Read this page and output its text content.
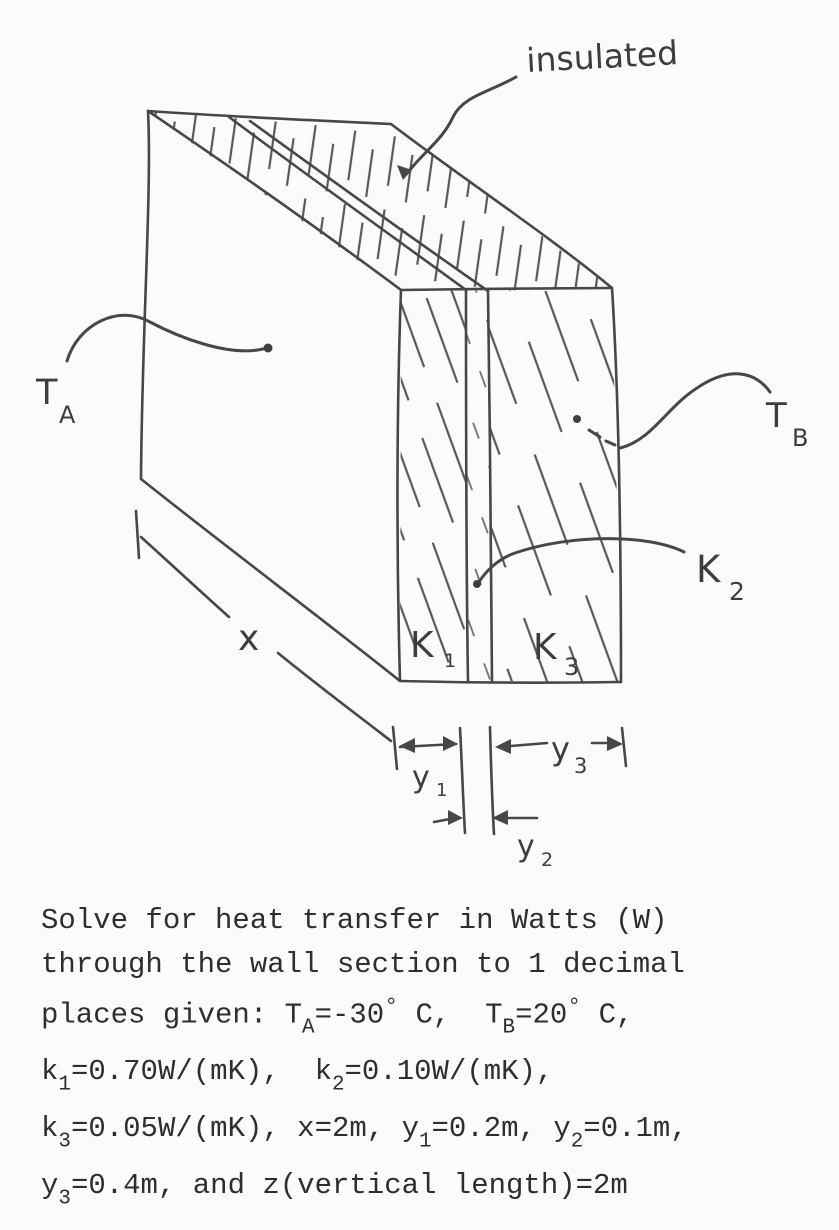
insulated
T
A	T
B
K
2
K 1 K 3
x
y 1
y 3
y 2
Solve for heat transfer in Watts (W)
through the wall section to 1 decimal
places given: $T_A=-30^\circ$ C,  $T_B=20^\circ$ C,
$k_1=0.70W/(mK)$,  $k_2=0.10W/(mK)$,
$k_3=0.05W/(mK)$, x=2m, $y_1=0.2m$, $y_2=0.1m$,
$y_3=0.4m$, and z(vertical length)=2m
